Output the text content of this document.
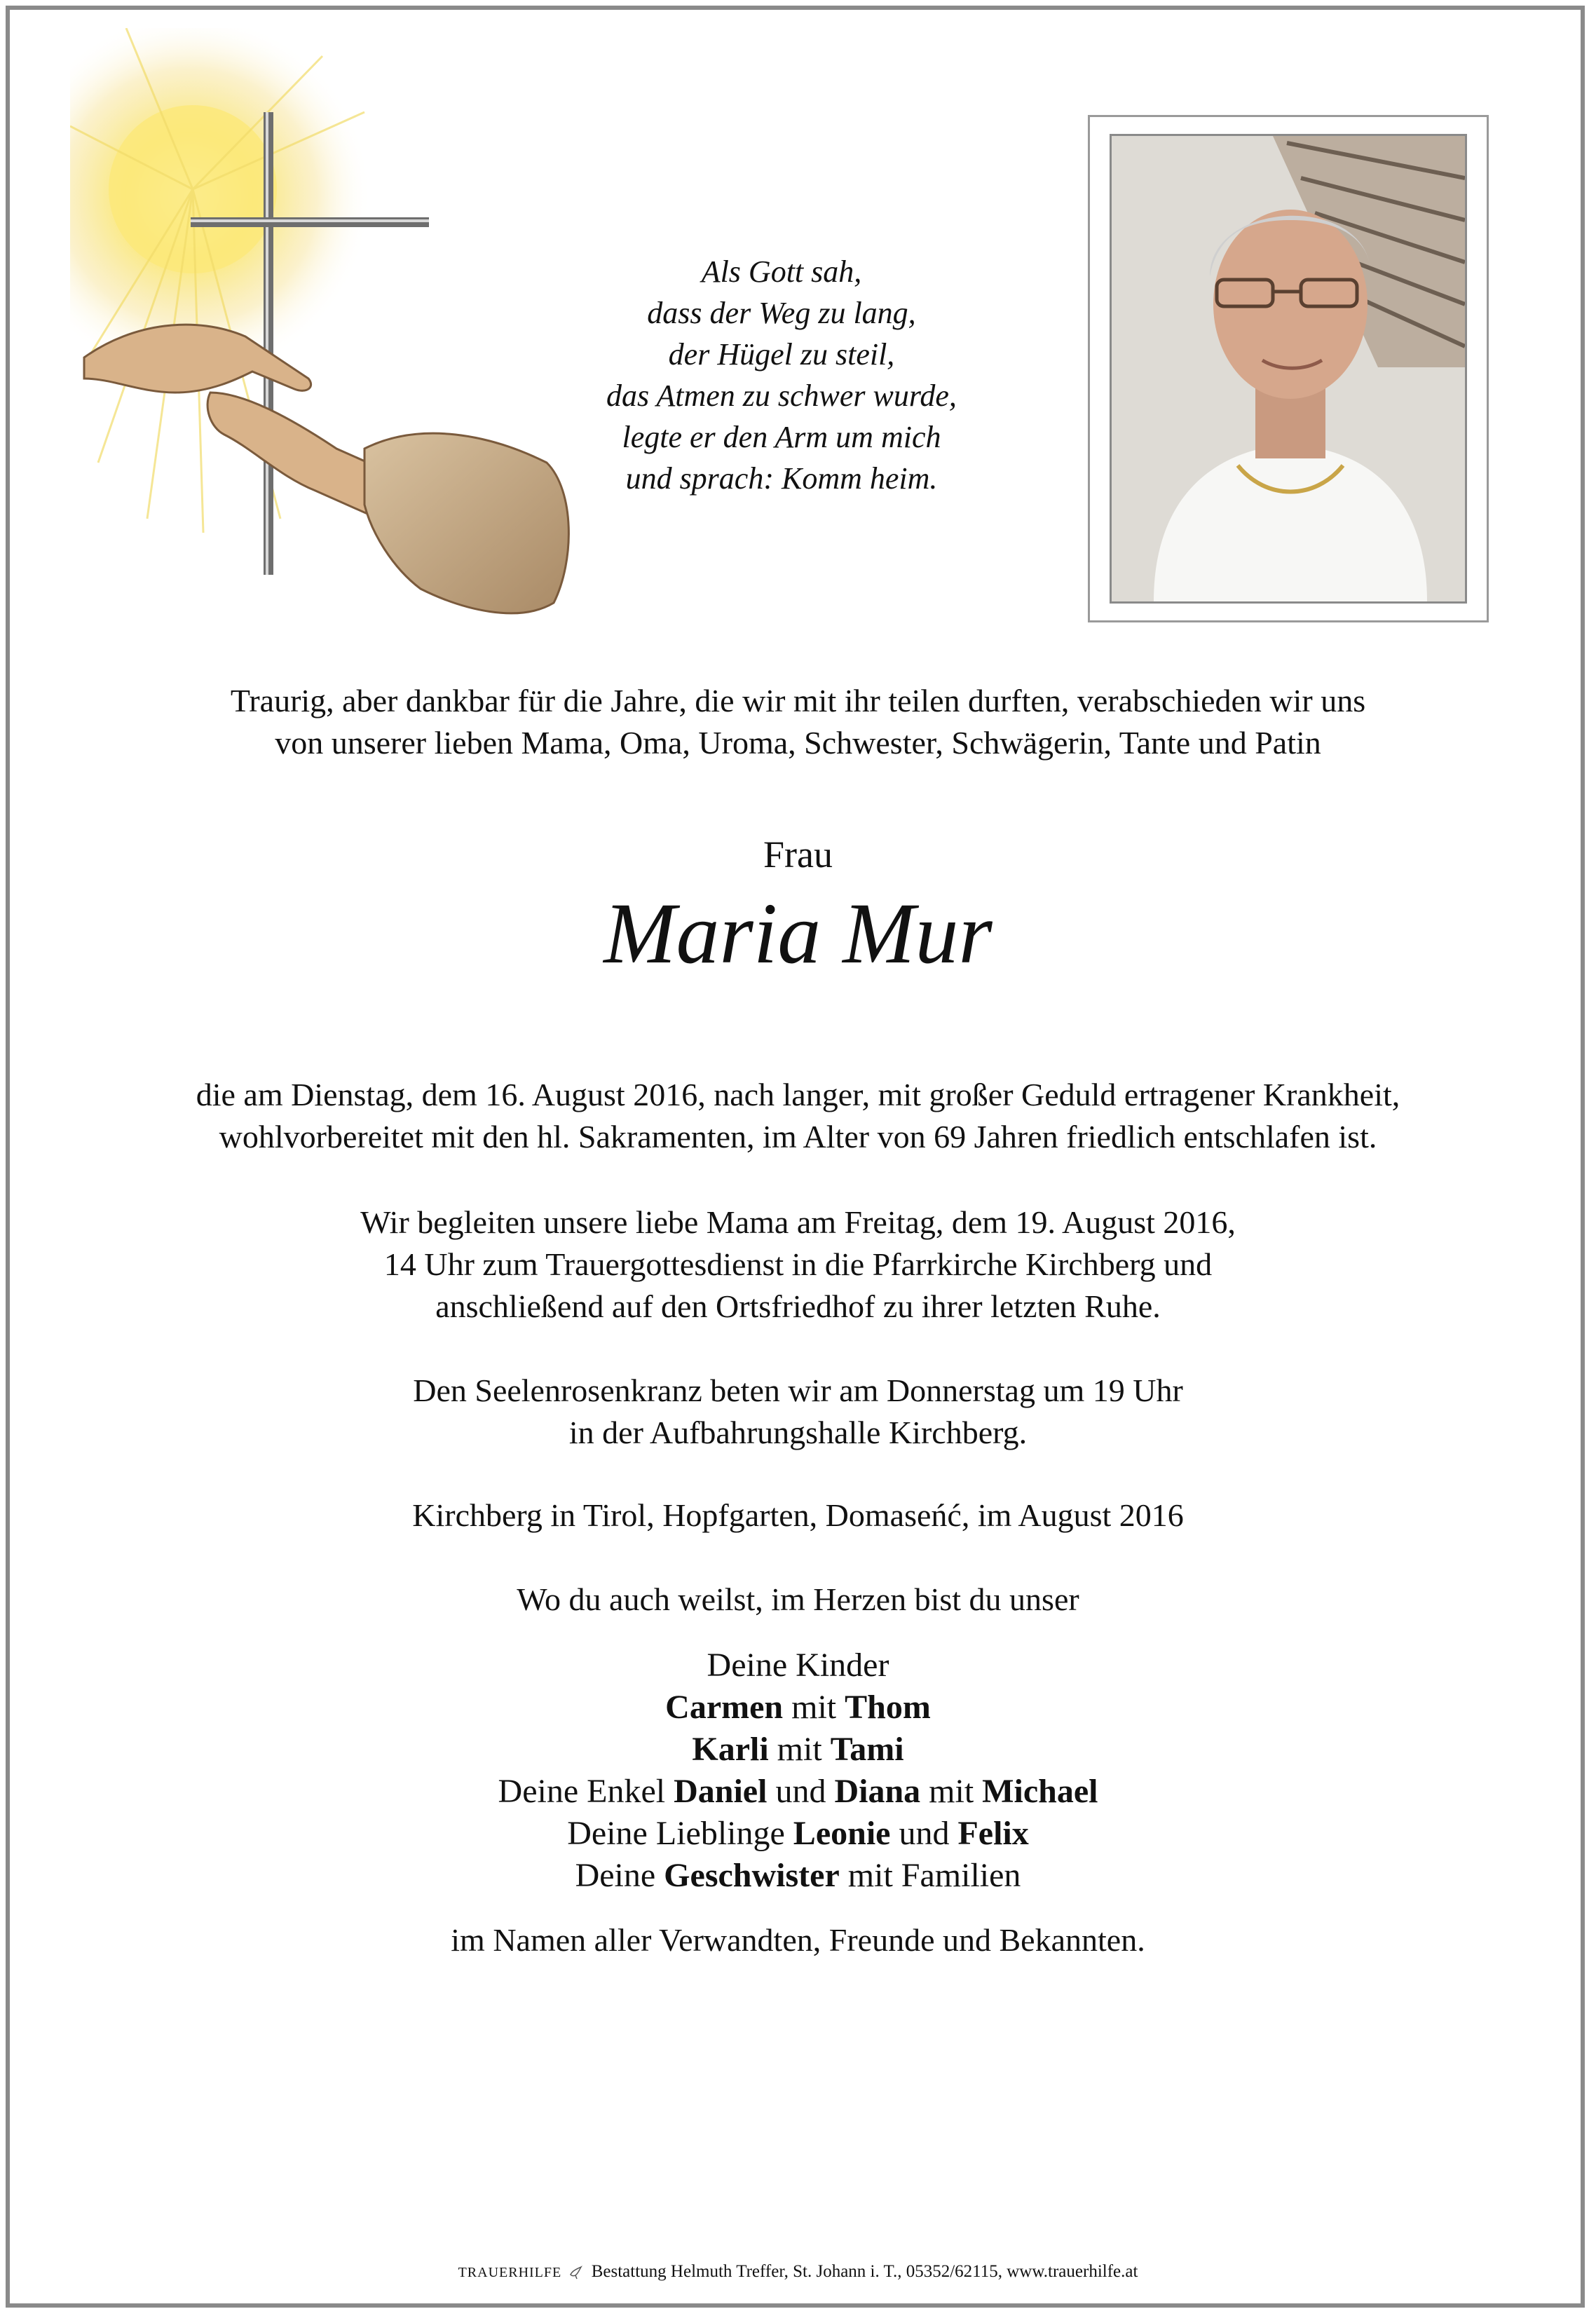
Als Gott sah,
dass der Weg zu lang,
der Hügel zu steil,
das Atmen zu schwer wurde,
legte er den Arm um mich
und sprach: Komm heim.
Traurig, aber dankbar für die Jahre, die wir mit ihr teilen durften, verabschieden wir uns
von unserer lieben Mama, Oma, Uroma, Schwester, Schwägerin, Tante und Patin
Frau
Maria Mur
die am Dienstag, dem 16. August 2016, nach langer, mit großer Geduld ertragener Krankheit,
wohlvorbereitet mit den hl. Sakramenten, im Alter von 69 Jahren friedlich entschlafen ist.
Wir begleiten unsere liebe Mama am Freitag, dem 19. August 2016,
14 Uhr zum Trauergottesdienst in die Pfarrkirche Kirchberg und
anschließend auf den Ortsfriedhof zu ihrer letzten Ruhe.
Den Seelenrosenkranz beten wir am Donnerstag um 19 Uhr
in der Aufbahrungshalle Kirchberg.
Kirchberg in Tirol, Hopfgarten, Domaseńć, im August 2016
Wo du auch weilst, im Herzen bist du unser
Deine Kinder
Carmen mit Thom
Karli mit Tami
Deine Enkel Daniel und Diana mit Michael
Deine Lieblinge Leonie und Felix
Deine Geschwister mit Familien
im Namen aller Verwandten, Freunde und Bekannten.
TRAUERHILFE Bestattung Helmuth Treffer, St. Johann i. T., 05352/62115, www.trauerhilfe.at
